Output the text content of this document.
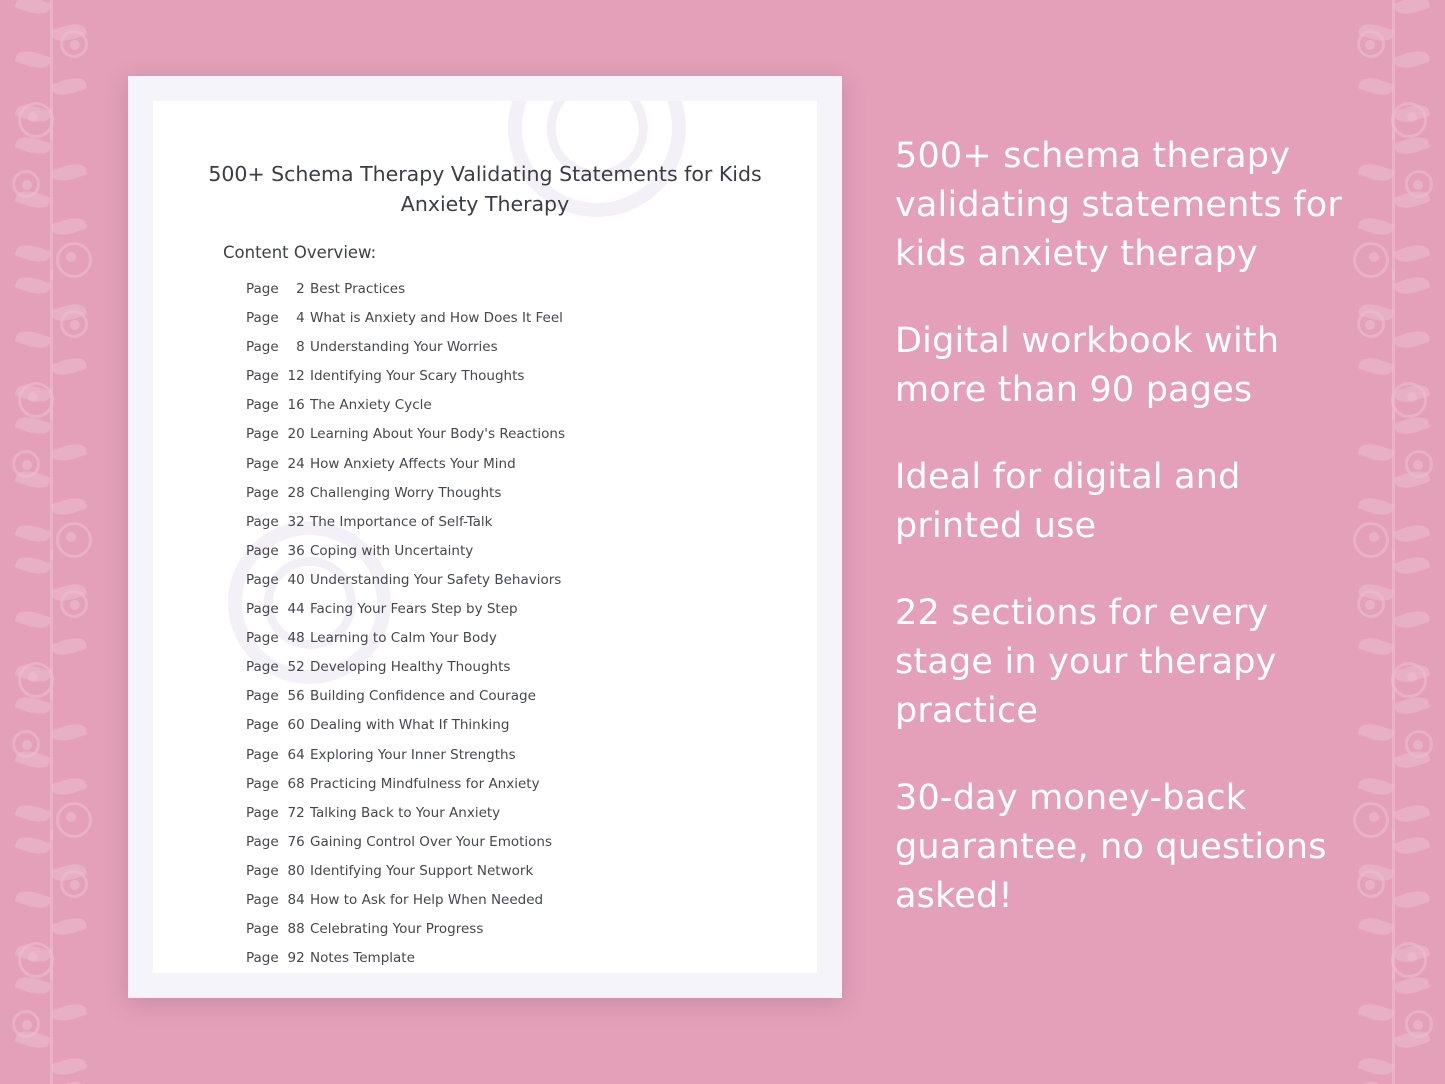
500+ Schema Therapy Validating Statements for Kids Anxiety Therapy
Content Overview:
Page 2 Best Practices
Page 4 What is Anxiety and How Does It Feel
Page 8 Understanding Your Worries
Page 12 Identifying Your Scary Thoughts
Page 16 The Anxiety Cycle
Page 20 Learning About Your Body's Reactions
Page 24 How Anxiety Affects Your Mind
Page 28 Challenging Worry Thoughts
Page 32 The Importance of Self-Talk
Page 36 Coping with Uncertainty
Page 40 Understanding Your Safety Behaviors
Page 44 Facing Your Fears Step by Step
Page 48 Learning to Calm Your Body
Page 52 Developing Healthy Thoughts
Page 56 Building Confidence and Courage
Page 60 Dealing with What If Thinking
Page 64 Exploring Your Inner Strengths
Page 68 Practicing Mindfulness for Anxiety
Page 72 Talking Back to Your Anxiety
Page 76 Gaining Control Over Your Emotions
Page 80 Identifying Your Support Network
Page 84 How to Ask for Help When Needed
Page 88 Celebrating Your Progress
Page 92 Notes Template
500+ schema therapy validating statements for kids anxiety therapy
Digital workbook with more than 90 pages
Ideal for digital and printed use
22 sections for every stage in your therapy practice
30-day money-back guarantee, no questions asked!
